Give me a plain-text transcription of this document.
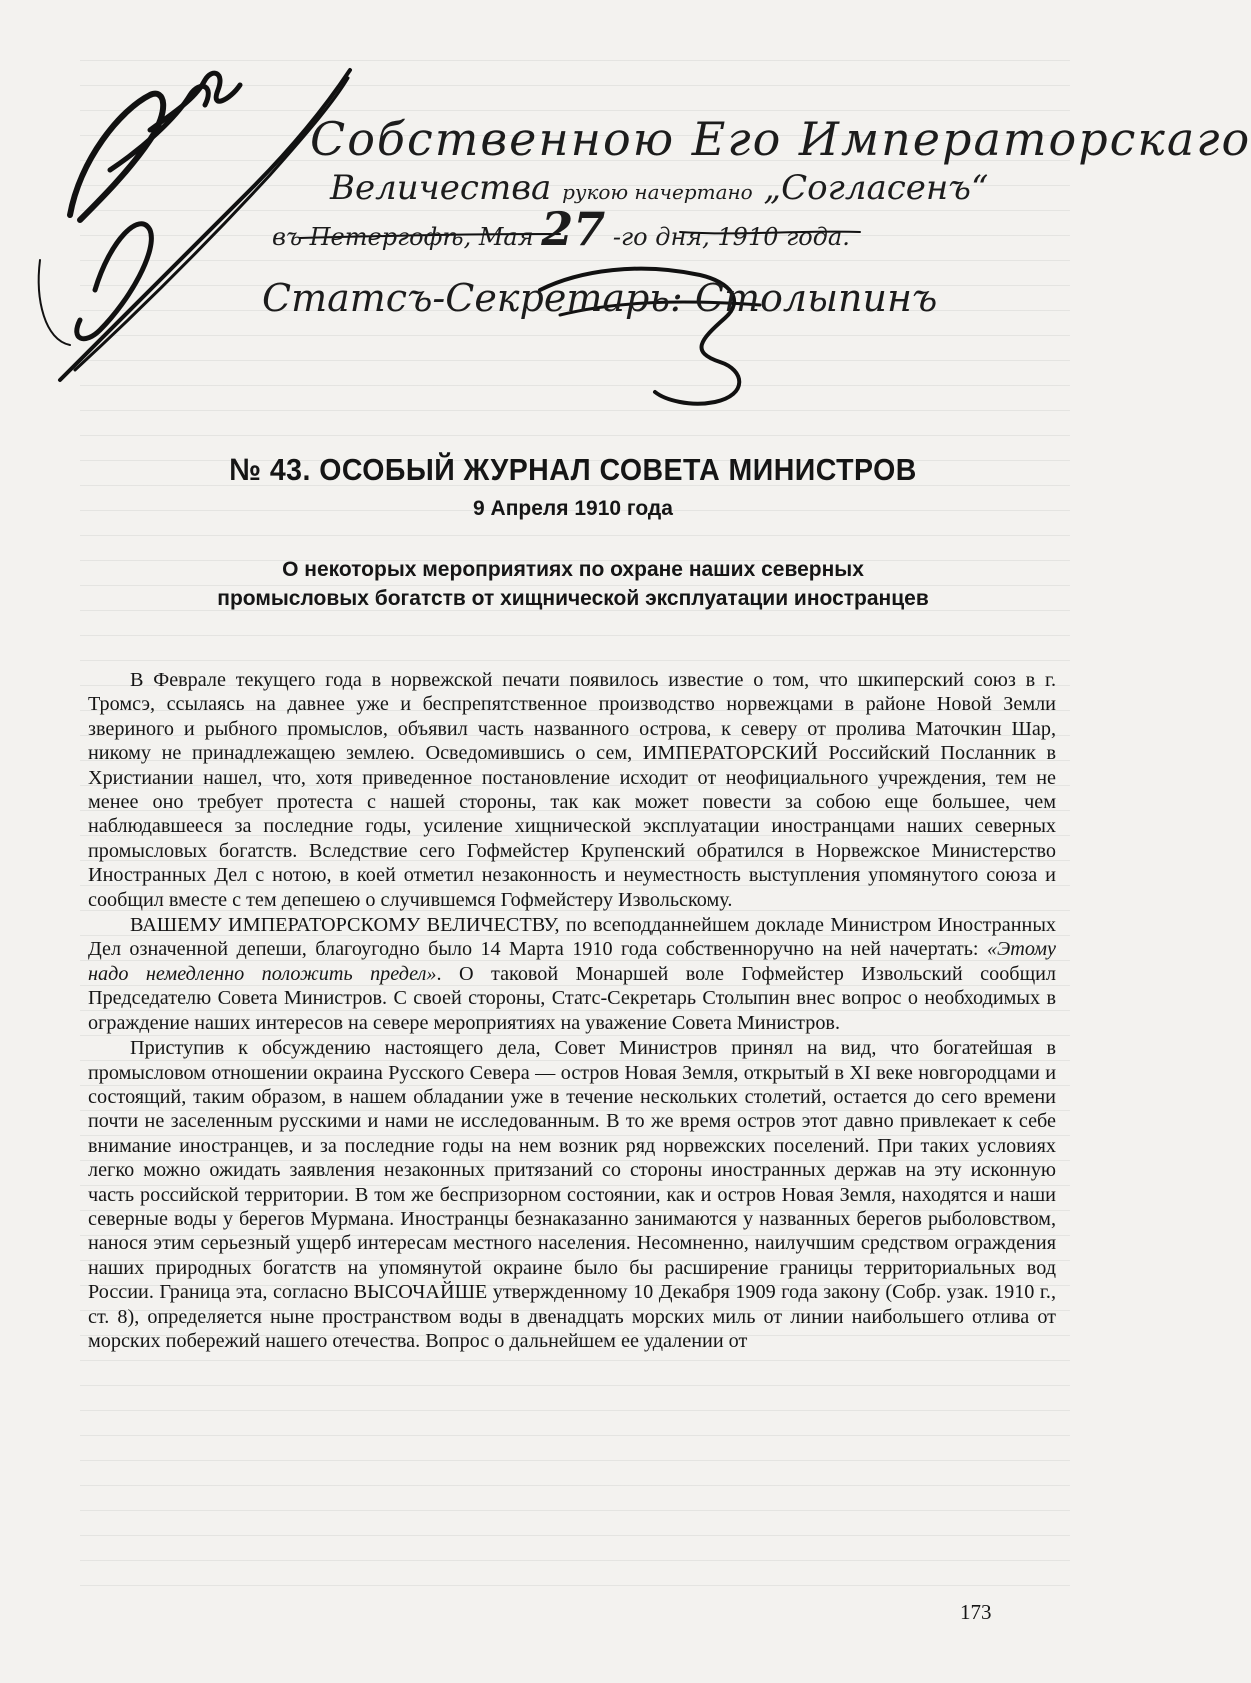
Собственною Его Императорскаго
Величества рукою начертано „Согласенъ“
въ Петергофѣ, Мая 27 -го дня, 1910 года.
Статсъ-Секретарь: Столыпинъ
№ 43. ОСОБЫЙ ЖУРНАЛ СОВЕТА МИНИСТРОВ
9 Апреля 1910 года
О некоторых мероприятиях по охране наших северных
промысловых богатств от хищнической эксплуатации иностранцев

В Феврале текущего года в норвежской печати появилось известие о том, что шкиперский союз в г. Тромсэ, ссылаясь на давнее уже и беспрепятственное производство норвежцами в районе Новой Земли звериного и рыбного промыслов, объявил часть названного острова, к северу от пролива Маточкин Шар, никому не принадлежащею землею. Осведомившись о сем, ИМПЕРАТОРСКИЙ Российский Посланник в Христиании нашел, что, хотя приведенное постановление исходит от неофициального учреждения, тем не менее оно требует протеста с нашей стороны, так как может повести за собою еще большее, чем наблюдавшееся за последние годы, усиление хищнической эксплуатации иностранцами наших северных промысловых богатств. Вследствие сего Гофмейстер Крупенский обратился в Норвежское Министерство Иностранных Дел с нотою, в коей отметил незаконность и неуместность выступления упомянутого союза и сообщил вместе с тем депешею о случившемся Гофмейстеру Извольскому.

ВАШЕМУ ИМПЕРАТОРСКОМУ ВЕЛИЧЕСТВУ, по всеподданнейшем докладе Министром Иностранных Дел означенной депеши, благоугодно было 14 Марта 1910 года собственноручно на ней начертать: «Этому надо немедленно положить предел». О таковой Монаршей воле Гофмейстер Извольский сообщил Председателю Совета Министров. С своей стороны, Статс-Секретарь Столыпин внес вопрос о необходимых в ограждение наших интересов на севере мероприятиях на уважение Совета Министров.

Приступив к обсуждению настоящего дела, Совет Министров принял на вид, что богатейшая в промысловом отношении окраина Русского Севера — остров Новая Земля, открытый в XI веке новгородцами и состоящий, таким образом, в нашем обладании уже в течение нескольких столетий, остается до сего времени почти не заселенным русскими и нами не исследованным. В то же время остров этот давно привлекает к себе внимание иностранцев, и за последние годы на нем возник ряд норвежских поселений. При таких условиях легко можно ожидать заявления незаконных притязаний со стороны иностранных держав на эту исконную часть российской территории. В том же беспризорном состоянии, как и остров Новая Земля, находятся и наши северные воды у берегов Мурмана. Иностранцы безнаказанно занимаются у названных берегов рыболовством, нанося этим серьезный ущерб интересам местного населения. Несомненно, наилучшим средством ограждения наших природных богатств на упомянутой окраине было бы расширение границы территориальных вод России. Граница эта, согласно ВЫСОЧАЙШЕ утвержденному 10 Декабря 1909 года закону (Собр. узак. 1910 г., ст. 8), определяется ныне пространством воды в двенадцать морских миль от линии наибольшего отлива от морских побережий нашего отечества. Вопрос о дальнейшем ее удалении от

173
